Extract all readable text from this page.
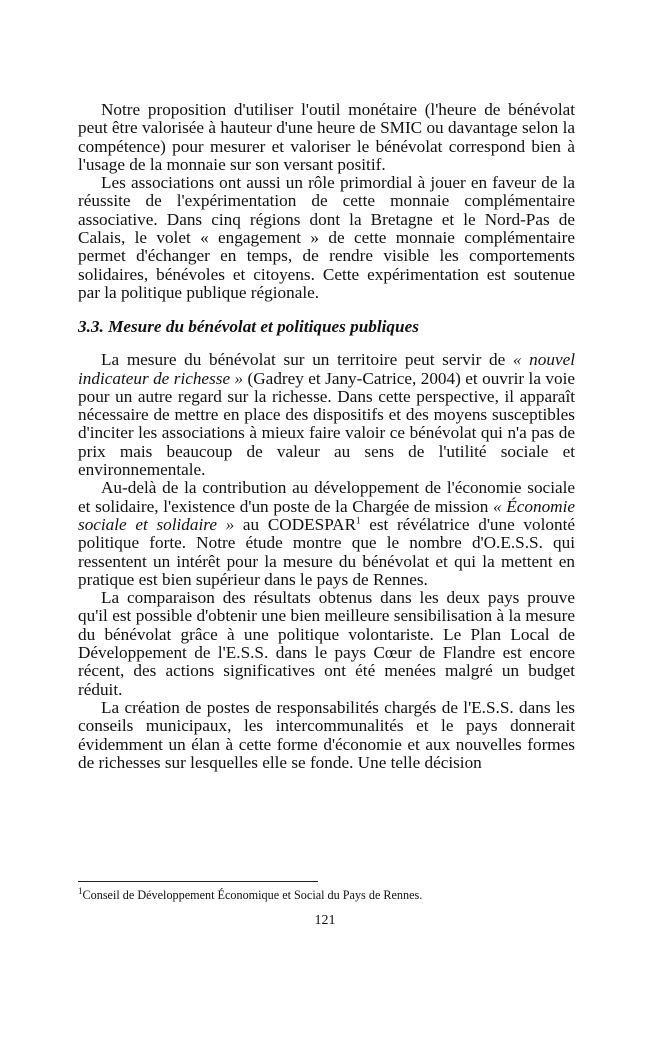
Notre proposition d'utiliser l'outil monétaire (l'heure de bénévolat peut être valorisée à hauteur d'une heure de SMIC ou davantage selon la compétence) pour mesurer et valoriser le bénévolat correspond bien à l'usage de la monnaie sur son versant positif.

Les associations ont aussi un rôle primordial à jouer en faveur de la réussite de l'expérimentation de cette monnaie complémentaire associative. Dans cinq régions dont la Bretagne et le Nord-Pas de Calais, le volet « engagement » de cette monnaie complémentaire permet d'échanger en temps, de rendre visible les comportements solidaires, bénévoles et citoyens. Cette expérimentation est soutenue par la politique publique régionale.

3.3. Mesure du bénévolat et politiques publiques

La mesure du bénévolat sur un territoire peut servir de « nouvel indicateur de richesse » (Gadrey et Jany-Catrice, 2004) et ouvrir la voie pour un autre regard sur la richesse. Dans cette perspective, il apparaît nécessaire de mettre en place des dispositifs et des moyens susceptibles d'inciter les associations à mieux faire valoir ce bénévolat qui n'a pas de prix mais beaucoup de valeur au sens de l'utilité sociale et environnementale.

Au-delà de la contribution au développement de l'économie sociale et solidaire, l'existence d'un poste de la Chargée de mission « Économie sociale et solidaire » au CODESPAR$^1$ est révélatrice d'une volonté politique forte. Notre étude montre que le nombre d'O.E.S.S. qui ressentent un intérêt pour la mesure du bénévolat et qui la mettent en pratique est bien supérieur dans le pays de Rennes.

La comparaison des résultats obtenus dans les deux pays prouve qu'il est possible d'obtenir une bien meilleure sensibilisation à la mesure du bénévolat grâce à une politique volontariste. Le Plan Local de Développement de l'E.S.S. dans le pays Cœur de Flandre est encore récent, des actions significatives ont été menées malgré un budget réduit.

La création de postes de responsabilités chargés de l'E.S.S. dans les conseils municipaux, les intercommunalités et le pays donnerait évidemment un élan à cette forme d'économie et aux nouvelles formes de richesses sur lesquelles elle se fonde. Une telle décision

$^1$Conseil de Développement Économique et Social du Pays de Rennes.
121
